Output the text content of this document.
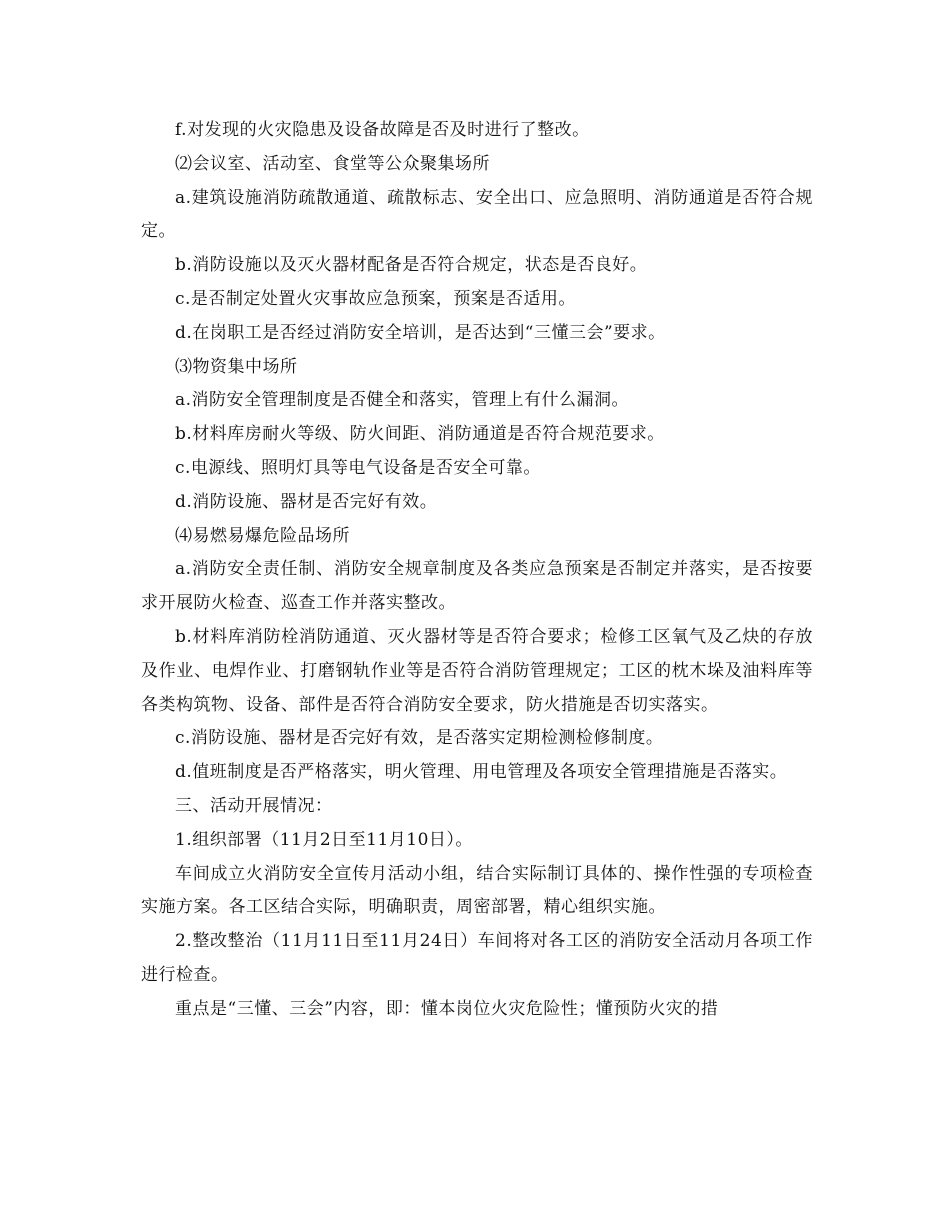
f.对发现的火灾隐患及设备故障是否及时进行了整改。

⑵会议室、活动室、食堂等公众聚集场所

a.建筑设施消防疏散通道、疏散标志、安全出口、应急照明、消防通道是否符合规定。

b.消防设施以及灭火器材配备是否符合规定，状态是否良好。

c.是否制定处置火灾事故应急预案，预案是否适用。

d.在岗职工是否经过消防安全培训，是否达到“三懂三会”要求。

⑶物资集中场所

a.消防安全管理制度是否健全和落实，管理上有什么漏洞。

b.材料库房耐火等级、防火间距、消防通道是否符合规范要求。

c.电源线、照明灯具等电气设备是否安全可靠。

d.消防设施、器材是否完好有效。

⑷易燃易爆危险品场所

a.消防安全责任制、消防安全规章制度及各类应急预案是否制定并落实，是否按要求开展防火检查、巡查工作并落实整改。

b.材料库消防栓消防通道、灭火器材等是否符合要求；检修工区氧气及乙炔的存放及作业、电焊作业、打磨钢轨作业等是否符合消防管理规定；工区的枕木垛及油料库等各类构筑物、设备、部件是否符合消防安全要求，防火措施是否切实落实。

c.消防设施、器材是否完好有效，是否落实定期检测检修制度。

d.值班制度是否严格落实，明火管理、用电管理及各项安全管理措施是否落实。

三、活动开展情况：

1.组织部署（11月2日至11月10日）。

车间成立火消防安全宣传月活动小组，结合实际制订具体的、操作性强的专项检查实施方案。各工区结合实际，明确职责，周密部署，精心组织实施。

2.整改整治（11月11日至11月24日）车间将对各工区的消防安全活动月各项工作进行检查。

重点是“三懂、三会”内容，即：懂本岗位火灾危险性；懂预防火灾的措
